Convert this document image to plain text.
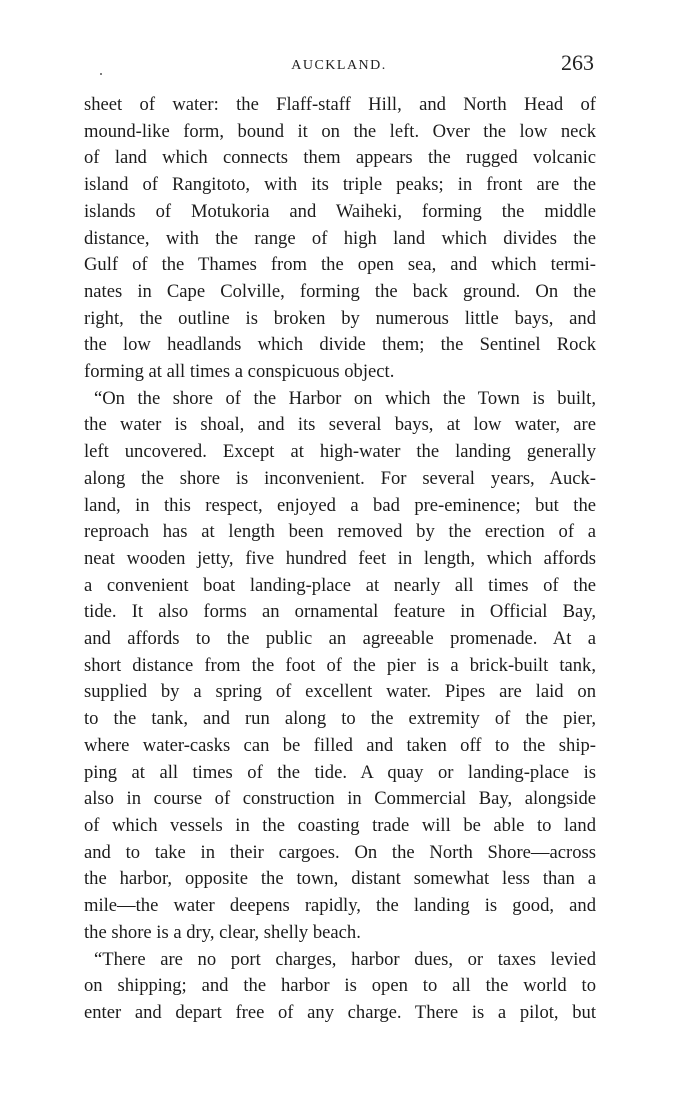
AUCKLAND.	263
sheet of water: the Flaff-staff Hill, and North Head of
mound-like form, bound it on the left. Over the low neck
of land which connects them appears the rugged volcanic
island of Rangitoto, with its triple peaks; in front are the
islands of Motukoria and Waiheki, forming the middle
distance, with the range of high land which divides the
Gulf of the Thames from the open sea, and which termi-
nates in Cape Colville, forming the back ground. On the
right, the outline is broken by numerous little bays, and
the low headlands which divide them; the Sentinel Rock
forming at all times a conspicuous object.
“On the shore of the Harbor on which the Town is built,
the water is shoal, and its several bays, at low water, are
left uncovered. Except at high-water the landing generally
along the shore is inconvenient. For several years, Auck-
land, in this respect, enjoyed a bad pre-eminence; but the
reproach has at length been removed by the erection of a
neat wooden jetty, five hundred feet in length, which affords
a convenient boat landing-place at nearly all times of the
tide. It also forms an ornamental feature in Official Bay,
and affords to the public an agreeable promenade. At a
short distance from the foot of the pier is a brick-built tank,
supplied by a spring of excellent water. Pipes are laid on
to the tank, and run along to the extremity of the pier,
where water-casks can be filled and taken off to the ship-
ping at all times of the tide. A quay or landing-place is
also in course of construction in Commercial Bay, alongside
of which vessels in the coasting trade will be able to land
and to take in their cargoes. On the North Shore—across
the harbor, opposite the town, distant somewhat less than a
mile—the water deepens rapidly, the landing is good, and
the shore is a dry, clear, shelly beach.
“There are no port charges, harbor dues, or taxes levied
on shipping; and the harbor is open to all the world to
enter and depart free of any charge. There is a pilot, but
